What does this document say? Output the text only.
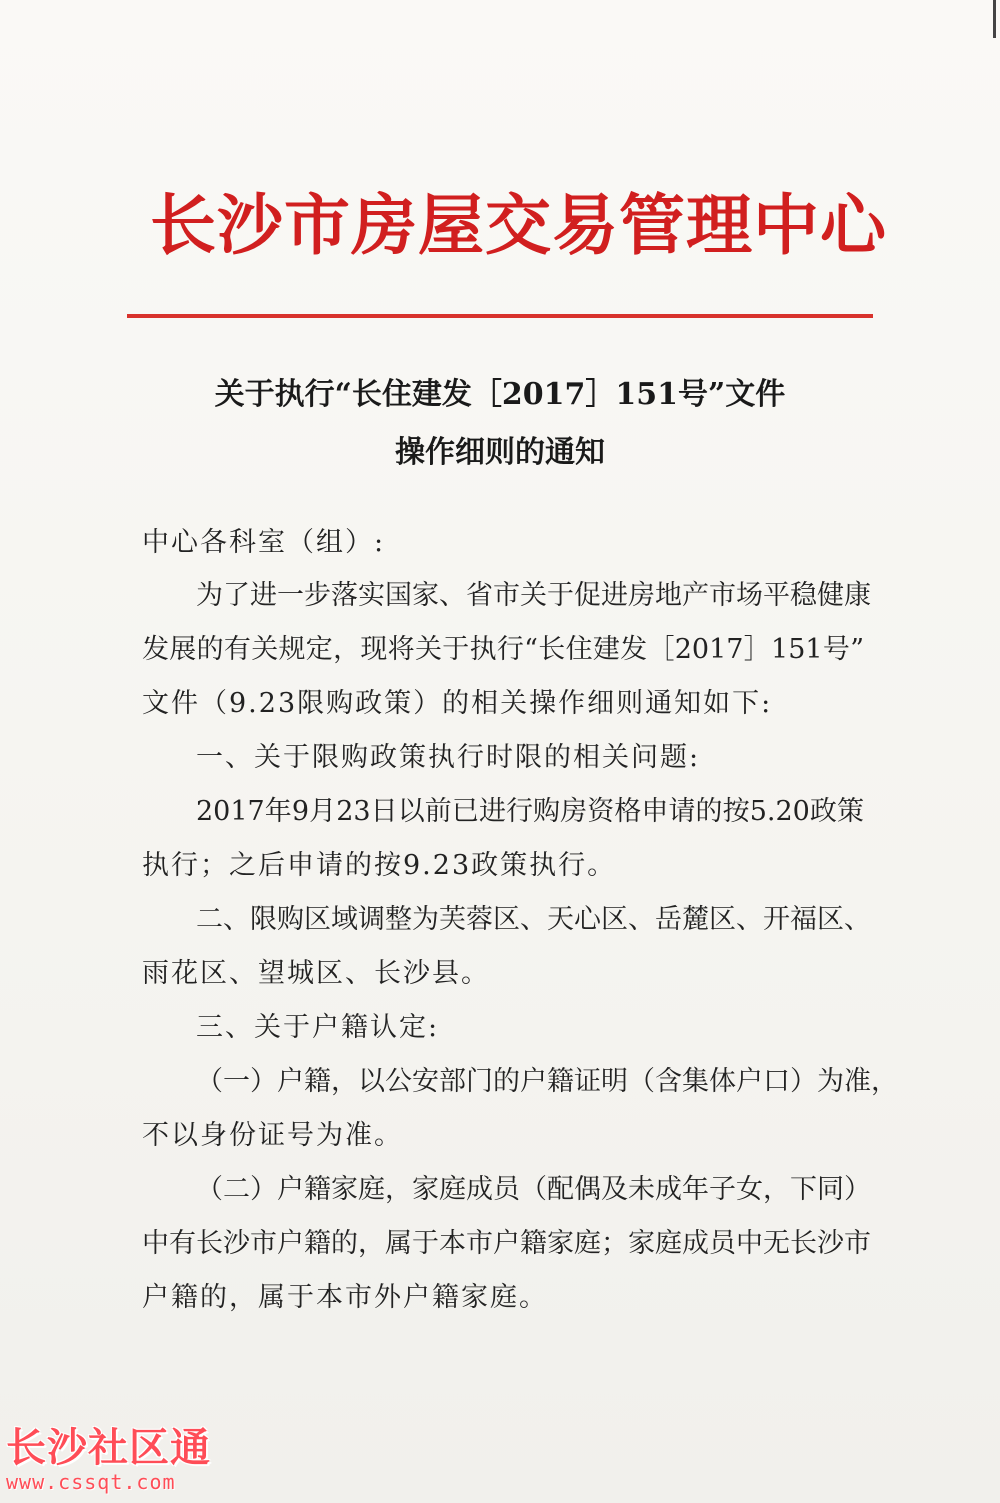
长沙市房屋交易管理中心
关于执行“长住建发［2017］151号”文件
操作细则的通知
中心各科室（组）:
为了进一步落实国家、省市关于促进房地产市场平稳健康
发展的有关规定，现将关于执行“长住建发［2017］151号”
文件（9.23限购政策）的相关操作细则通知如下:
一、关于限购政策执行时限的相关问题:
2017年9月23日以前已进行购房资格申请的按5.20政策
执行；之后申请的按9.23政策执行。
二、限购区域调整为芙蓉区、天心区、岳麓区、开福区、
雨花区、望城区、长沙县。
三、关于户籍认定:
（一）户籍，以公安部门的户籍证明（含集体户口）为准，
不以身份证号为准。
（二）户籍家庭，家庭成员（配偶及未成年子女，下同）
中有长沙市户籍的，属于本市户籍家庭；家庭成员中无长沙市
户籍的，属于本市外户籍家庭。
长沙社区通
www.cssqt.com
